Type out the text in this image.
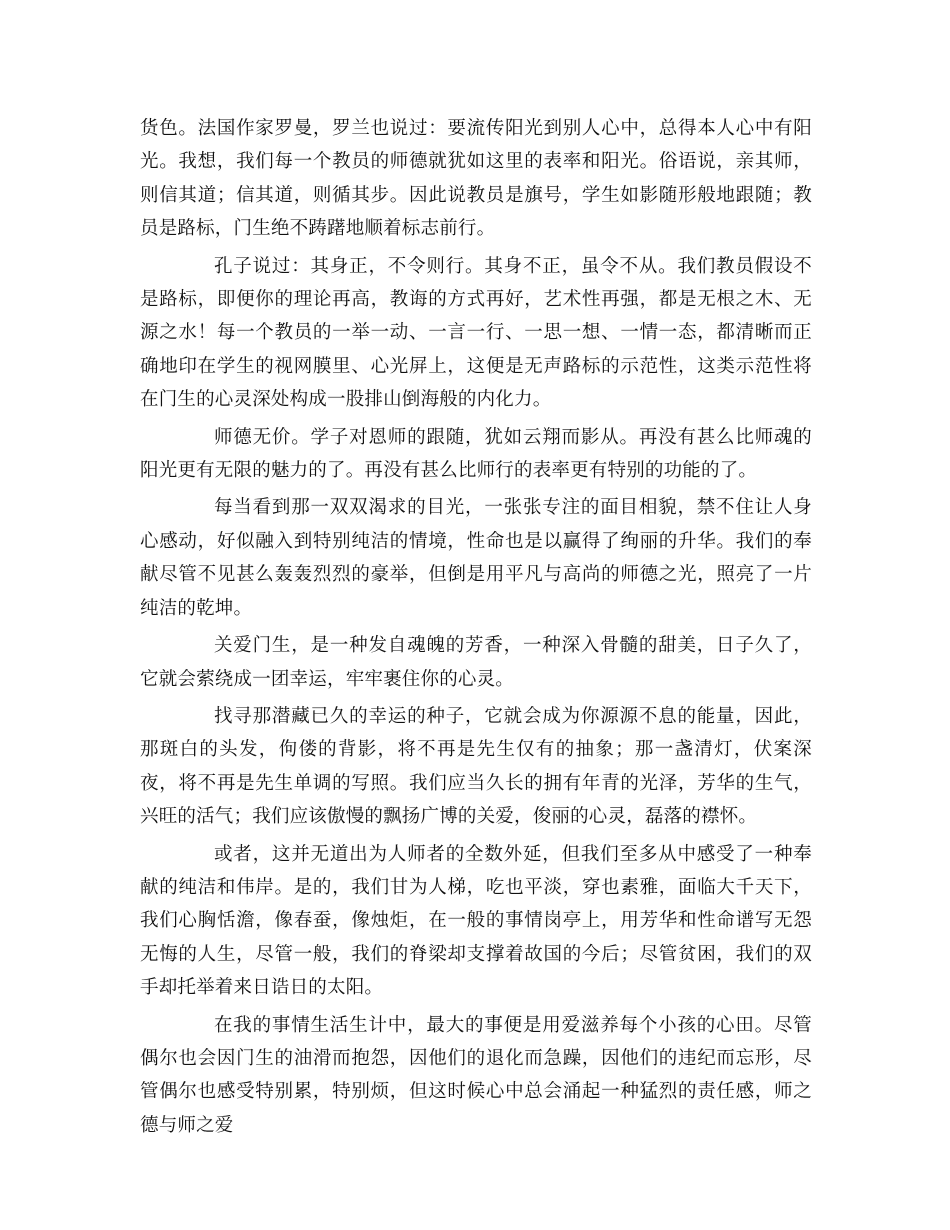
货色。法国作家罗曼，罗兰也说过：要流传阳光到别人心中，总得本人心中有阳光。我想，我们每一个教员的师德就犹如这里的表率和阳光。俗语说，亲其师，则信其道；信其道，则循其步。因此说教员是旗号，学生如影随形般地跟随；教员是路标，门生绝不踌躇地顺着标志前行。

孔子说过：其身正，不令则行。其身不正，虽令不从。我们教员假设不是路标，即便你的理论再高，教诲的方式再好，艺术性再强，都是无根之木、无源之水！每一个教员的一举一动、一言一行、一思一想、一情一态，都清晰而正确地印在学生的视网膜里、心光屏上，这便是无声路标的示范性，这类示范性将在门生的心灵深处构成一股排山倒海般的内化力。

师德无价。学子对恩师的跟随，犹如云翔而影从。再没有甚么比师魂的阳光更有无限的魅力的了。再没有甚么比师行的表率更有特别的功能的了。

每当看到那一双双渴求的目光，一张张专注的面目相貌，禁不住让人身心感动，好似融入到特别纯洁的情境，性命也是以赢得了绚丽的升华。我们的奉献尽管不见甚么轰轰烈烈的豪举，但倒是用平凡与高尚的师德之光，照亮了一片纯洁的乾坤。

关爱门生，是一种发自魂魄的芳香，一种深入骨髓的甜美，日子久了，它就会萦绕成一团幸运，牢牢裹住你的心灵。

找寻那潜藏已久的幸运的种子，它就会成为你源源不息的能量，因此，那斑白的头发，佝偻的背影，将不再是先生仅有的抽象；那一盏清灯，伏案深夜，将不再是先生单调的写照。我们应当久长的拥有年青的光泽，芳华的生气，兴旺的活气；我们应该傲慢的飘扬广博的关爱，俊丽的心灵，磊落的襟怀。

或者，这并无道出为人师者的全数外延，但我们至多从中感受了一种奉献的纯洁和伟岸。是的，我们甘为人梯，吃也平淡，穿也素雅，面临大千天下，我们心胸恬澹，像春蚕，像烛炬，在一般的事情岗亭上，用芳华和性命谱写无怨无悔的人生，尽管一般，我们的脊梁却支撑着故国的今后；尽管贫困，我们的双手却托举着来日诰日的太阳。

在我的事情生活生计中，最大的事便是用爱滋养每个小孩的心田。尽管偶尔也会因门生的油滑而抱怨，因他们的退化而急躁，因他们的违纪而忘形，尽管偶尔也感受特别累，特别烦，但这时候心中总会涌起一种猛烈的责任感，师之德与师之爱
